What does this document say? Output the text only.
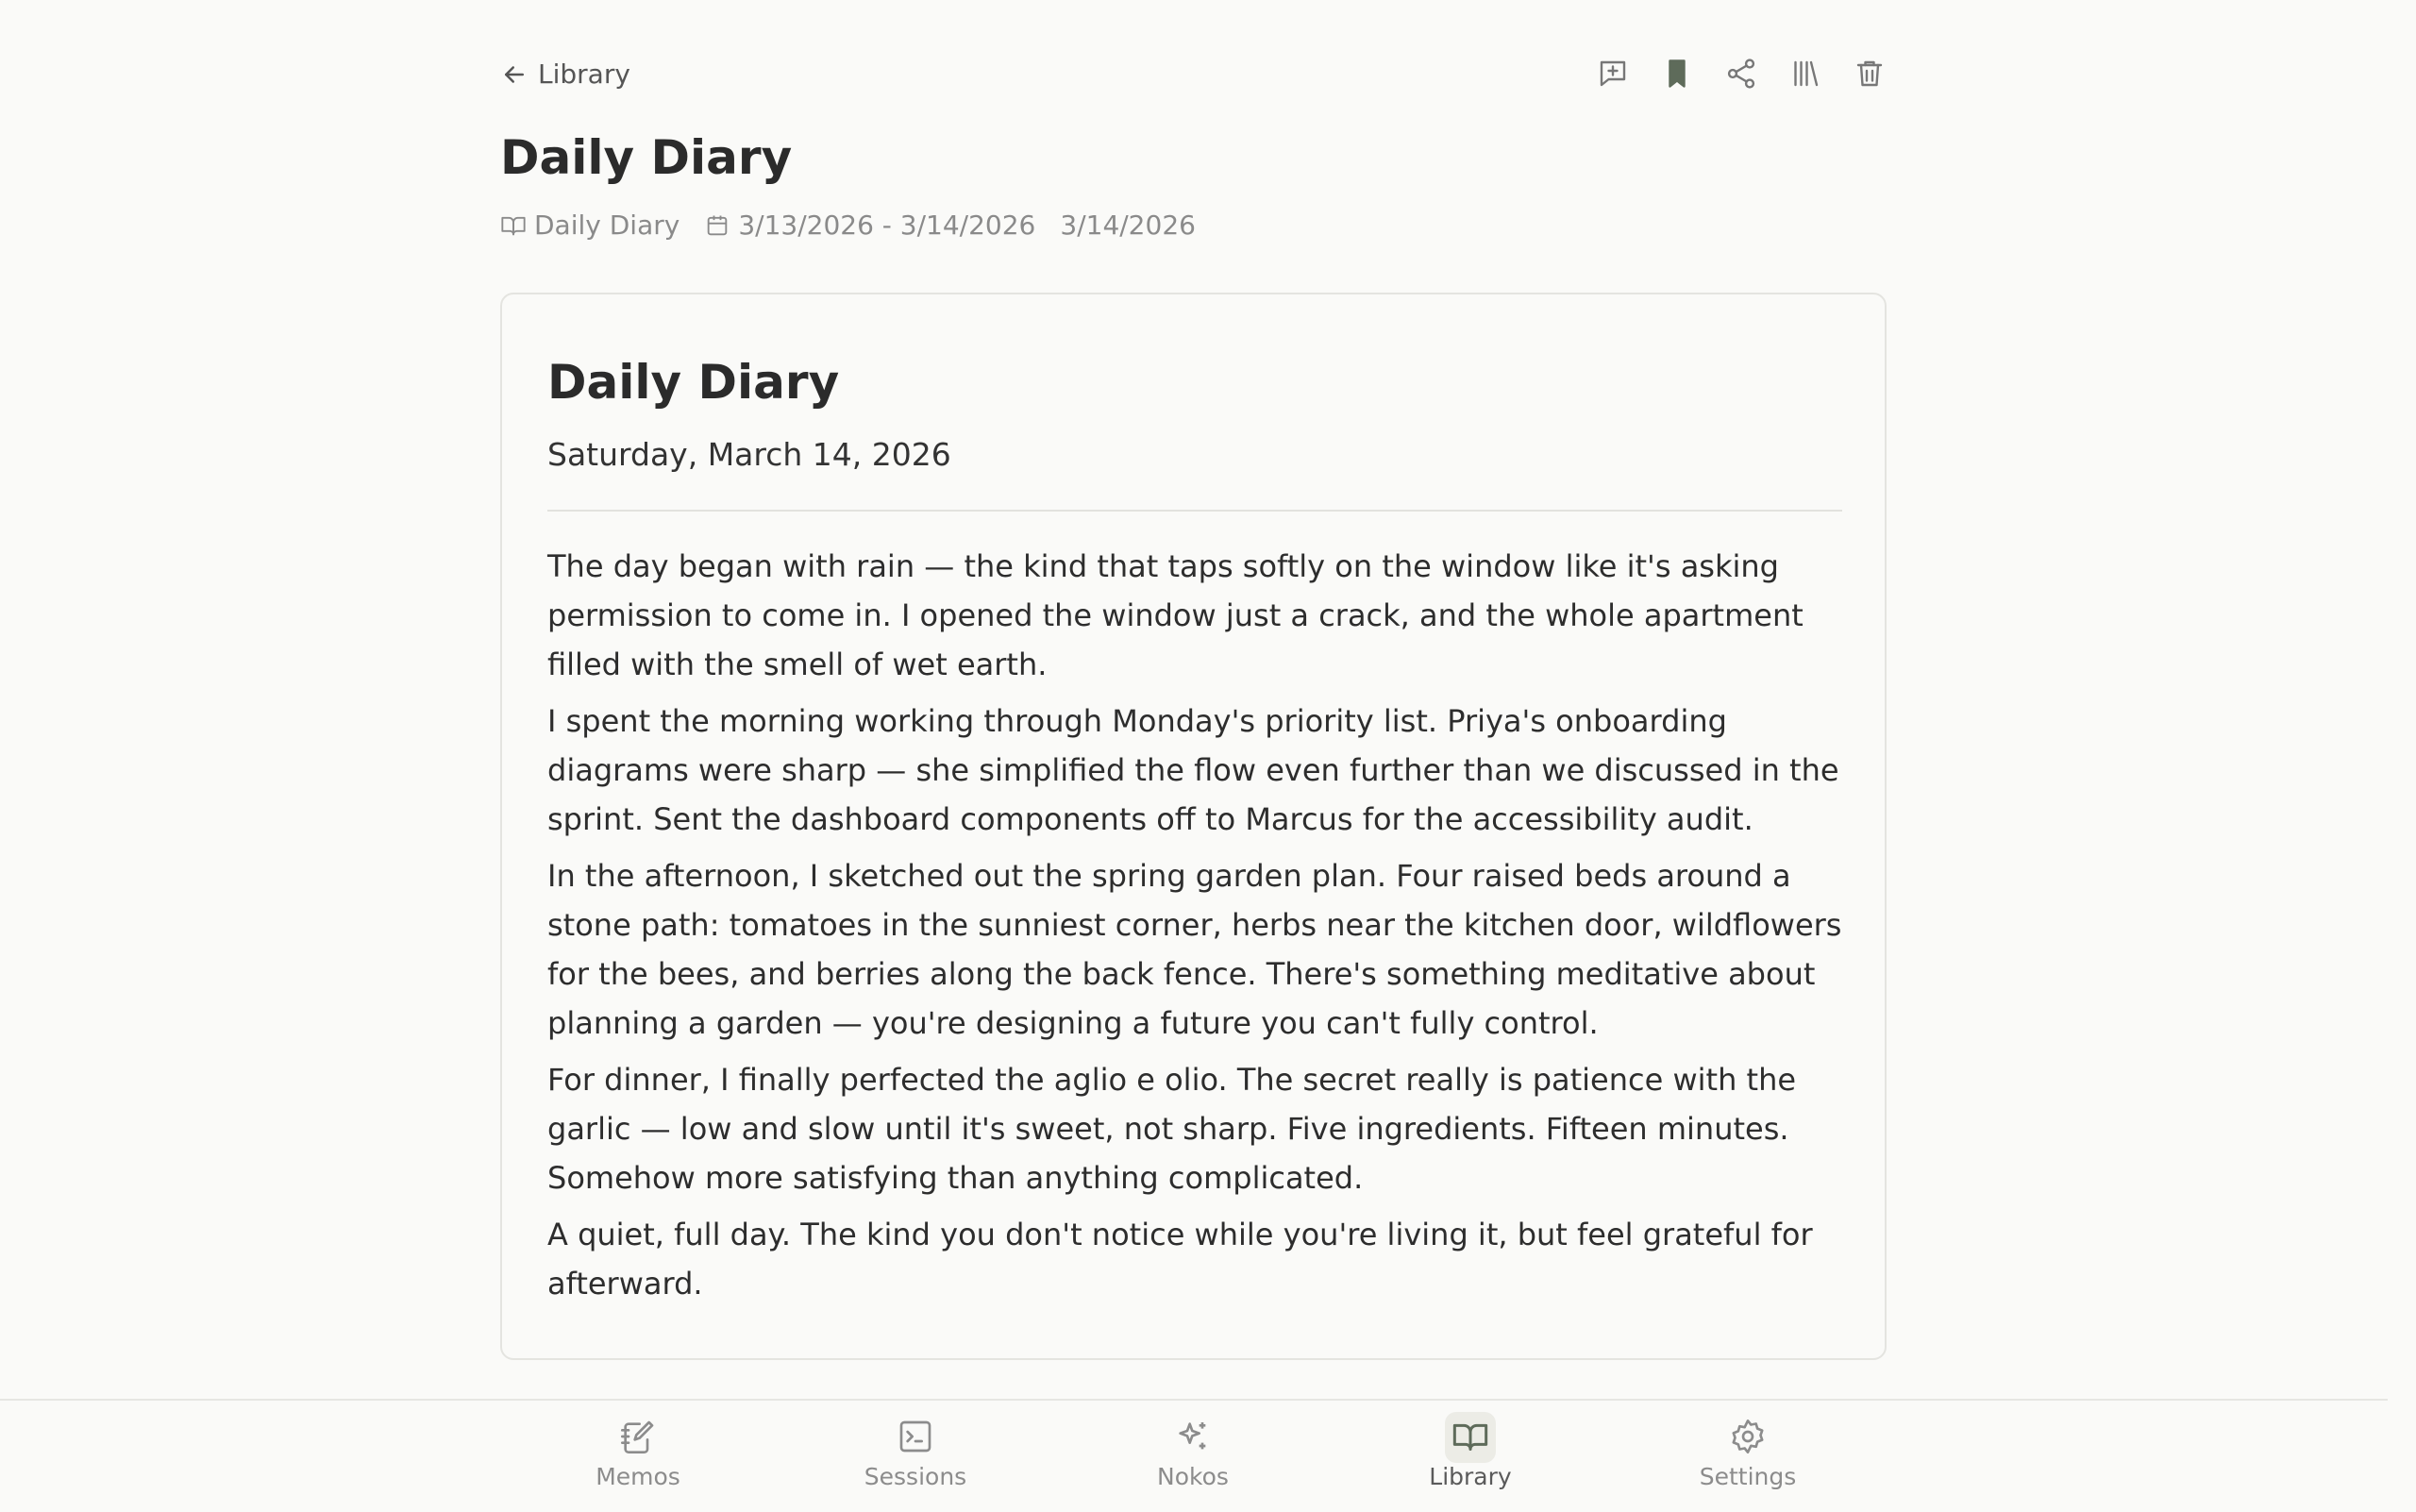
Library
Daily Diary
Daily Diary 3/13/2026 - 3/14/2026 3/14/2026
Daily Diary
Saturday, March 14, 2026

The day began with rain — the kind that taps softly on the window like it's asking permission to come in. I opened the window just a crack, and the whole apartment filled with the smell of wet earth.

I spent the morning working through Monday's priority list. Priya's onboarding diagrams were sharp — she simplified the flow even further than we discussed in the sprint. Sent the dashboard components off to Marcus for the accessibility audit.

In the afternoon, I sketched out the spring garden plan. Four raised beds around a stone path: tomatoes in the sunniest corner, herbs near the kitchen door, wildflowers for the bees, and berries along the back fence. There's something meditative about planning a garden — you're designing a future you can't fully control.

For dinner, I finally perfected the aglio e olio. The secret really is patience with the garlic — low and slow until it's sweet, not sharp. Five ingredients. Fifteen minutes. Somehow more satisfying than anything complicated.

A quiet, full day. The kind you don't notice while you're living it, but feel grateful for afterward.

Memos	Sessions	Nokos	Library	Settings
